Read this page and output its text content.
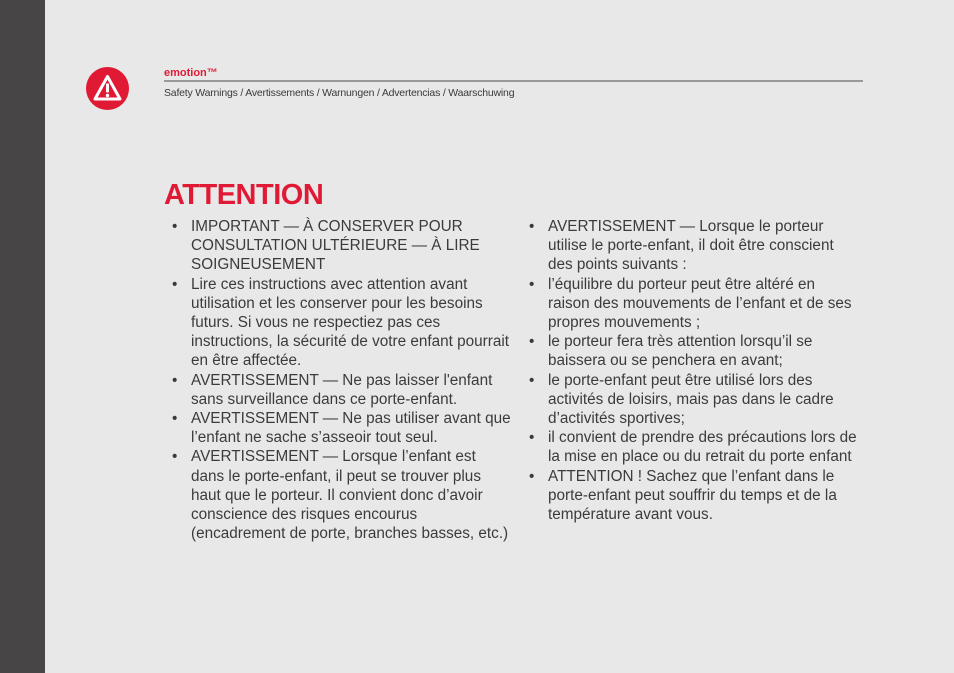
emotion™
Safety Warnings / Avertissements / Warnungen / Advertencias / Waarschuwing
ATTENTION
• IMPORTANT — À CONSERVER POUR CONSULTATION ULTÉRIEURE — À LIRE SOIGNEUSEMENT
• Lire ces instructions avec attention avant utilisation et les conserver pour les besoins futurs. Si vous ne respectiez pas ces instructions, la sécurité de votre enfant pourrait en être affectée.
• AVERTISSEMENT — Ne pas laisser l'enfant sans surveillance dans ce porte-enfant.
• AVERTISSEMENT — Ne pas utiliser avant que l’enfant ne sache s’asseoir tout seul.
• AVERTISSEMENT — Lorsque l’enfant est dans le porte-enfant, il peut se trouver plus haut que le porteur. Il convient donc d’avoir conscience des risques encourus (encadrement de porte, branches basses, etc.)
• AVERTISSEMENT — Lorsque le porteur utilise le porte-enfant, il doit être conscient des points suivants :
• l’équilibre du porteur peut être altéré en raison des mouvements de l’enfant et de ses propres mouvements ;
• le porteur fera très attention lorsqu’il se baissera ou se penchera en avant;
• le porte-enfant peut être utilisé lors des activités de loisirs, mais pas dans le cadre d’activités sportives;
• il convient de prendre des précautions lors de la mise en place ou du retrait du porte enfant
• ATTENTION ! Sachez que l’enfant dans le porte-enfant peut souffrir du temps et de la température avant vous.
